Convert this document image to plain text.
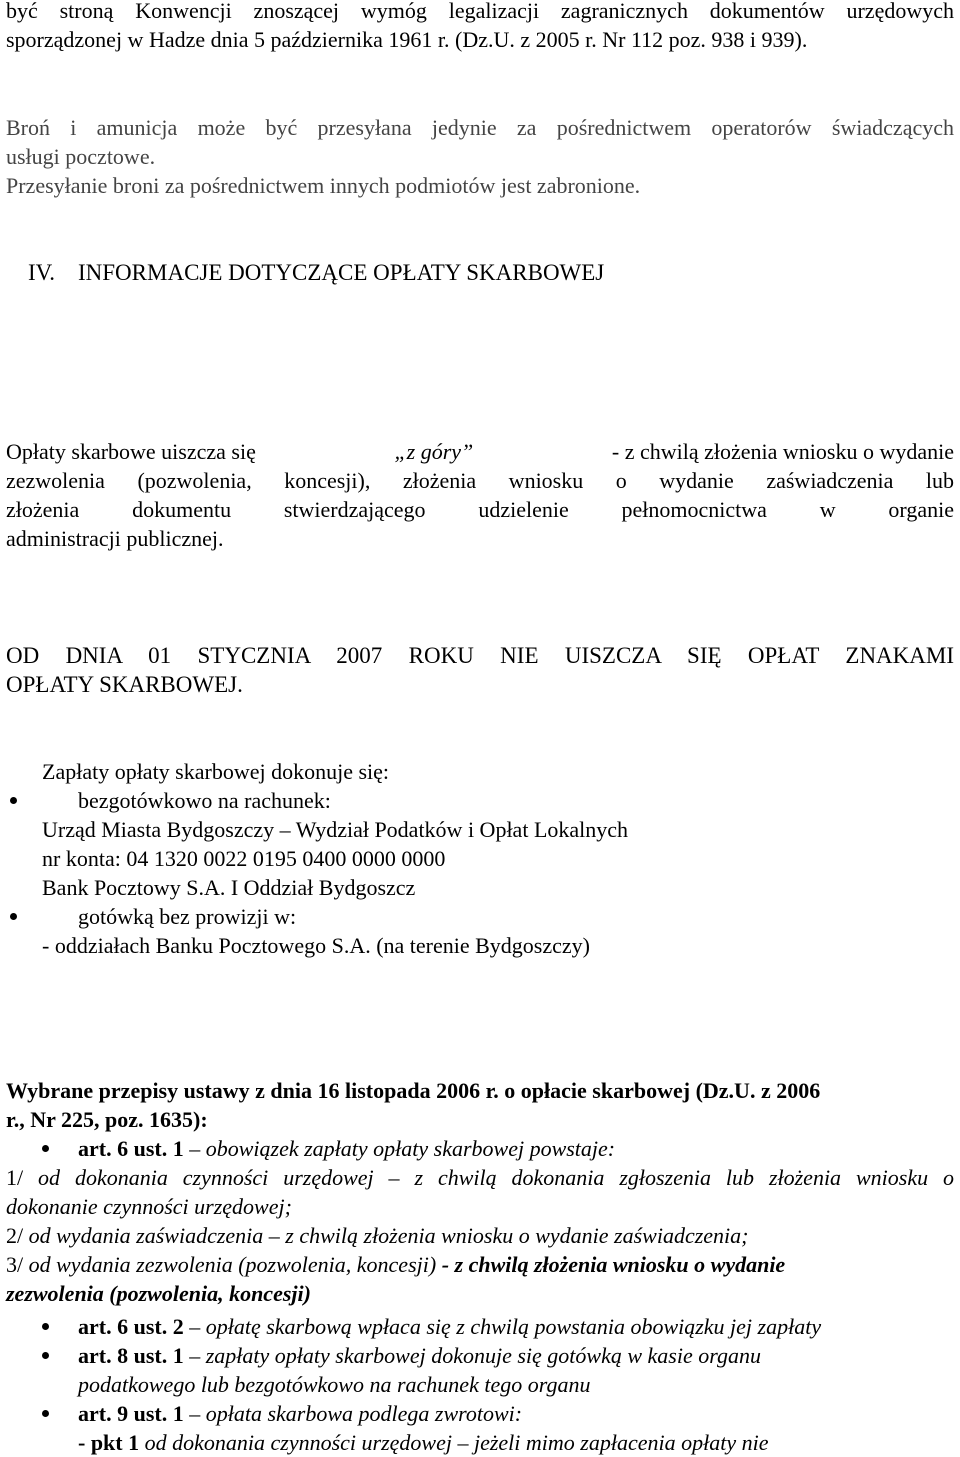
być stroną Konwencji znoszącej wymóg legalizacji zagranicznych dokumentów urzędowych
sporządzonej w Hadze dnia 5 października 1961 r. (Dz.U. z 2005 r. Nr 112 poz. 938 i 939).
Broń i amunicja może być przesyłana jedynie za pośrednictwem operatorów świadczących
usługi pocztowe.
Przesyłanie broni za pośrednictwem innych podmiotów jest zabronione.
IV. INFORMACJE DOTYCZĄCE OPŁATY SKARBOWEJ
Opłaty skarbowe uiszcza się	„z góry”	- z chwilą złożenia wniosku o wydanie
zezwolenia (pozwolenia, koncesji), złożenia wniosku o wydanie zaświadczenia lub
złożenia dokumentu stwierdzającego udzielenie pełnomocnictwa w organie
administracji publicznej.
OD DNIA 01 STYCZNIA 2007 ROKU NIE UISZCZA SIĘ OPŁAT ZNAKAMI
OPŁATY SKARBOWEJ.
Zapłaty opłaty skarbowej dokonuje się:
bezgotówkowo na rachunek:
Urząd Miasta Bydgoszczy – Wydział Podatków i Opłat Lokalnych
nr konta: 04 1320 0022 0195 0400 0000 0000
Bank Pocztowy S.A. I Oddział Bydgoszcz
gotówką bez prowizji w:
- oddziałach Banku Pocztowego S.A. (na terenie Bydgoszczy)
Wybrane przepisy ustawy z dnia 16 listopada 2006 r. o opłacie skarbowej (Dz.U. z 2006
r., Nr 225, poz. 1635):
art. 6 ust. 1 – obowiązek zapłaty opłaty skarbowej powstaje:
1/ od dokonania czynności urzędowej – z chwilą dokonania zgłoszenia lub złożenia wniosku o
dokonanie czynności urzędowej;
2/ od wydania zaświadczenia – z chwilą złożenia wniosku o wydanie zaświadczenia;
3/ od wydania zezwolenia (pozwolenia, koncesji) - z chwilą złożenia wniosku o wydanie
zezwolenia (pozwolenia, koncesji)
art. 6 ust. 2 – opłatę skarbową wpłaca się z chwilą powstania obowiązku jej zapłaty
art. 8 ust. 1 – zapłaty opłaty skarbowej dokonuje się gotówką w kasie organu
podatkowego lub bezgotówkowo na rachunek tego organu
art. 9 ust. 1 – opłata skarbowa podlega zwrotowi:
- pkt 1 od dokonania czynności urzędowej – jeżeli mimo zapłacenia opłaty nie
